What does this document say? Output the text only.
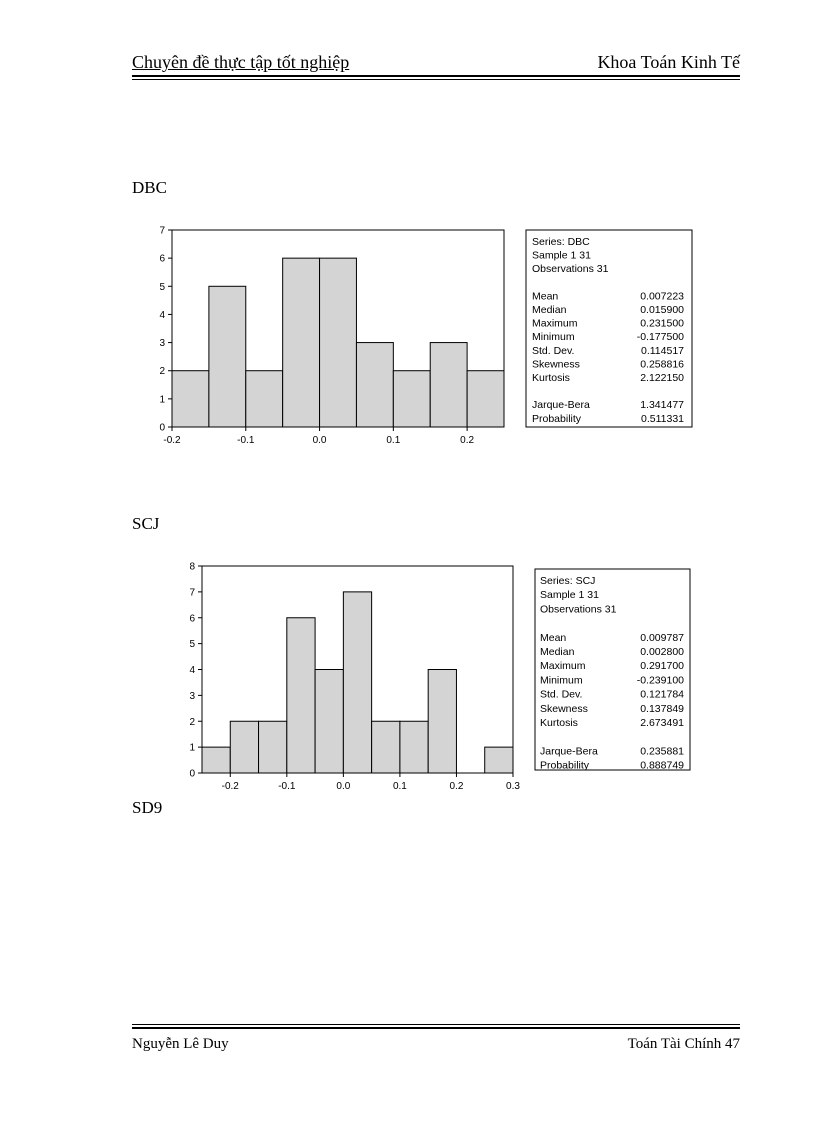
Chuyên đề thực tập tốt nghiệp	Khoa Toán Kinh Tế
DBC
SCJ
SD9
0
1
2
3
4
5
6
7
-0.2	-0.1	0.0	0.1	0.2
Series: DBC
Sample 1 31
Observations 31
Mean	0.007223
Median	0.015900
Maximum	0.231500
Minimum	-0.177500
Std. Dev.	0.114517
Skewness	0.258816
Kurtosis	2.122150
Jarque-Bera	1.341477
Probability	0.511331
0
1
2
3
4
5
6
7
8
-0.2	-0.1	0.0	0.1	0.2	0.3
Series: SCJ
Sample 1 31
Observations 31
Mean	0.009787
Median	0.002800
Maximum	0.291700
Minimum	-0.239100
Std. Dev.	0.121784
Skewness	0.137849
Kurtosis	2.673491
Jarque-Bera	0.235881
Probability	0.888749
Nguyễn Lê Duy	Toán Tài Chính 47
